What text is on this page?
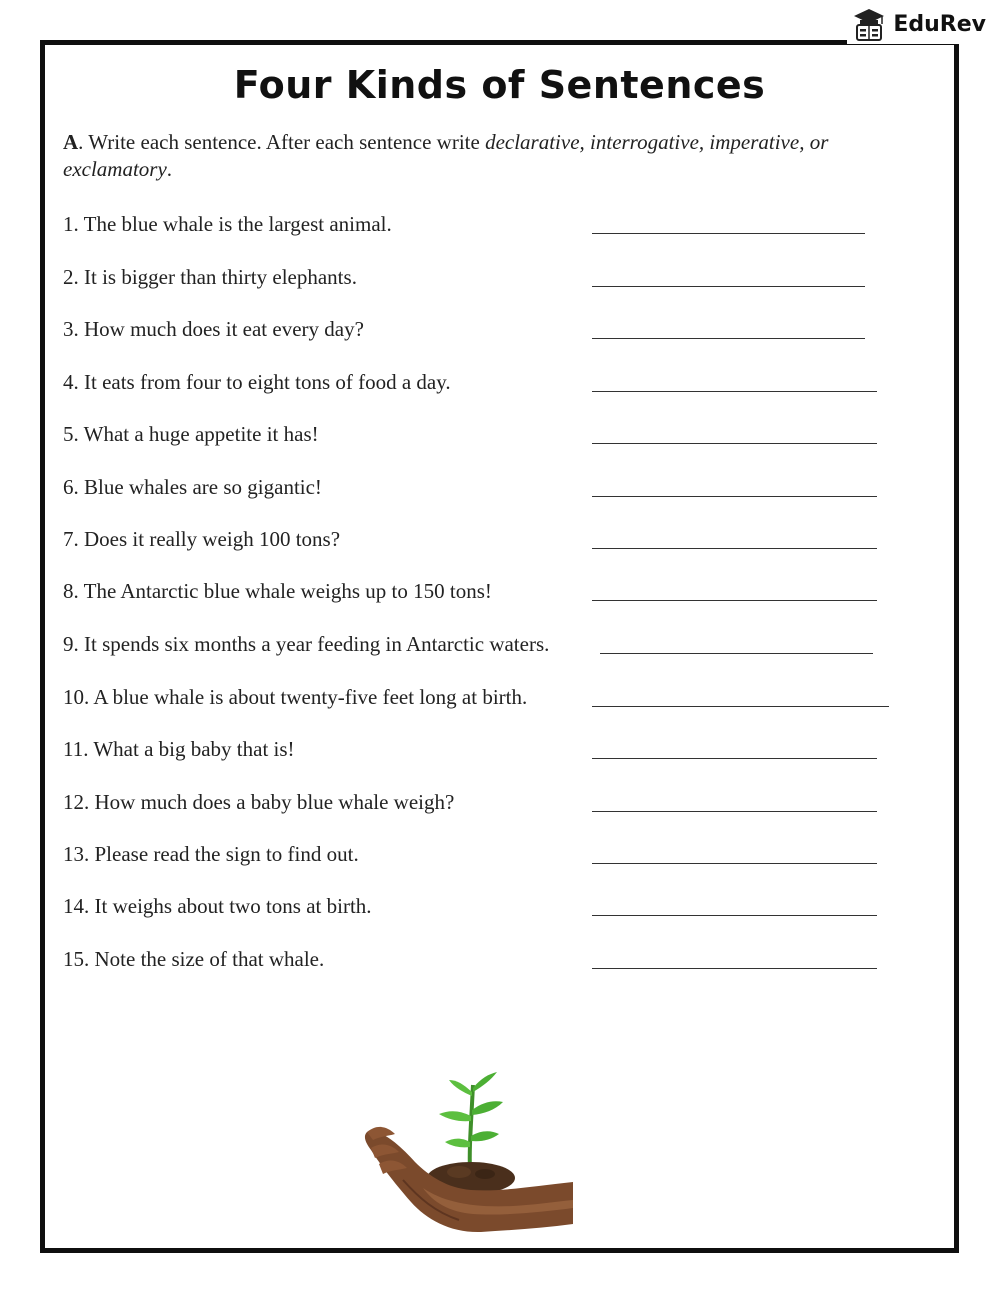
EduRev
Four Kinds of Sentences
A. Write each sentence. After each sentence write declarative, interrogative, imperative, or exclamatory.
1. The blue whale is the largest animal.
2. It is bigger than thirty elephants.
3. How much does it eat every day?
4. It eats from four to eight tons of food a day.
5. What a huge appetite it has!
6. Blue whales are so gigantic!
7. Does it really weigh 100 tons?
8. The Antarctic blue whale weighs up to 150 tons!
9. It spends six months a year feeding in Antarctic waters.
10. A blue whale is about twenty-five feet long at birth.
11. What a big baby that is!
12. How much does a baby blue whale weigh?
13. Please read the sign to find out.
14. It weighs about two tons at birth.
15. Note the size of that whale.
